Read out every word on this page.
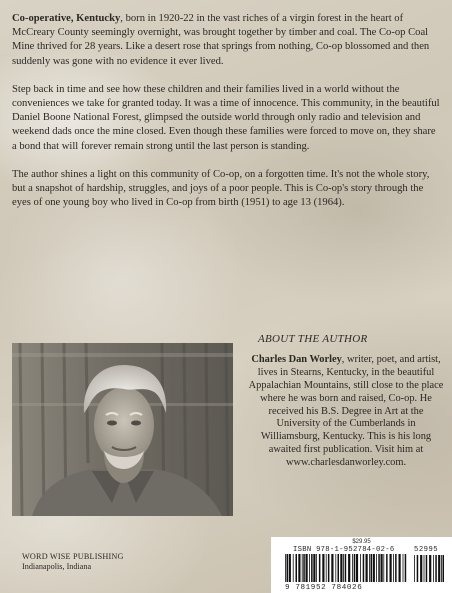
Co-operative, Kentucky, born in 1920-22 in the vast riches of a virgin forest in the heart of McCreary County seemingly overnight, was brought together by timber and coal. The Co-op Coal Mine thrived for 28 years. Like a desert rose that springs from nothing, Co-op blossomed and then suddenly was gone with no evidence it ever lived.

Step back in time and see how these children and their families lived in a world without the conveniences we take for granted today. It was a time of innocence. This community, in the beautiful Daniel Boone National Forest, glimpsed the outside world through only radio and television and weekend dads once the mine closed. Even though these families were forced to move on, they share a bond that will forever remain strong until the last person is standing.

The author shines a light on this community of Co-op, on a forgotten time. It's not the whole story, but a snapshot of hardship, struggles, and joys of a poor people. This is Co-op's story through the eyes of one young boy who lived in Co-op from birth (1951) to age 13 (1964).

ABOUT THE AUTHOR

Charles Dan Worley, writer, poet, and artist, lives in Stearns, Kentucky, in the beautiful Appalachian Mountains, still close to the place where he was born and raised, Co-op. He received his B.S. Degree in Art at the University of the Cumberlands in Williamsburg, Kentucky. This is his long awaited first publication. Visit him at www.charlesdanworley.com.

WORD WISE PUBLISHING
Indianapolis, Indiana
$29.95
ISBN 978-1-952784-02-6	52995
9 781952 784026
